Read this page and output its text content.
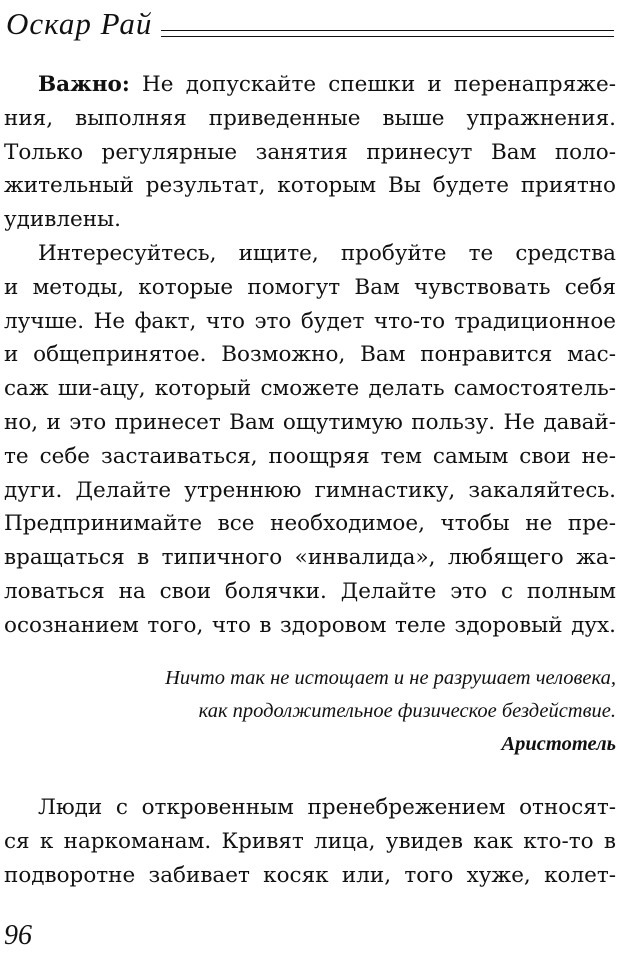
Оскар Рай
Важно: Не допускайте спешки и перенапряже-
ния, выполняя приведенные выше упражнения.
Только регулярные занятия принесут Вам поло-
жительный результат, которым Вы будете приятно
удивлены.
Интересуйтесь, ищите, пробуйте те средства
и методы, которые помогут Вам чувствовать себя
лучше. Не факт, что это будет что-то традиционное
и общепринятое. Возможно, Вам понравится мас-
саж ши-ацу, который сможете делать самостоятель-
но, и это принесет Вам ощутимую пользу. Не давай-
те себе застаиваться, поощряя тем самым свои не-
дуги. Делайте утреннюю гимнастику, закаляйтесь.
Предпринимайте все необходимое, чтобы не пре-
вращаться в типичного «инвалида», любящего жа-
ловаться на свои болячки. Делайте это с полным
осознанием того, что в здоровом теле здоровый дух.
Ничто так не истощает и не разрушает человека,
как продолжительное физическое бездействие.
Аристотель
Люди с откровенным пренебрежением относят-
ся к наркоманам. Кривят лица, увидев как кто-то в
подворотне забивает косяк или, того хуже, колет-
96
